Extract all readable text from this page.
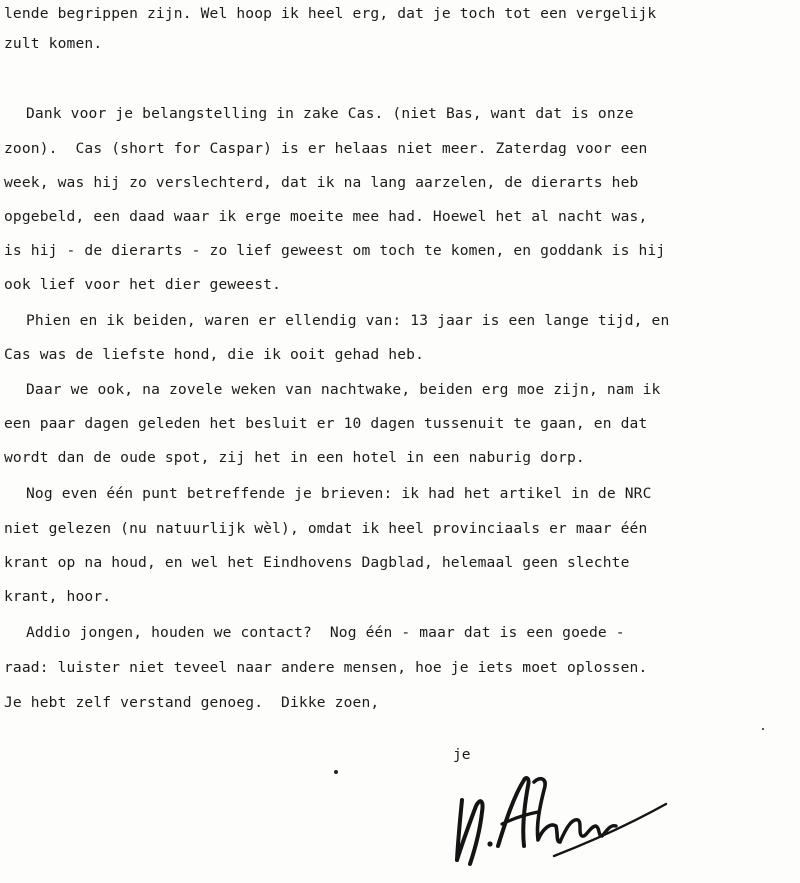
lende begrippen zijn. Wel hoop ik heel erg, dat je toch tot een vergelijk
zult komen.
Dank voor je belangstelling in zake Cas. (niet Bas, want dat is onze
zoon).  Cas (short for Caspar) is er helaas niet meer. Zaterdag voor een
week, was hij zo verslechterd, dat ik na lang aarzelen, de dierarts heb
opgebeld, een daad waar ik erge moeite mee had. Hoewel het al nacht was,
is hij - de dierarts - zo lief geweest om toch te komen, en goddank is hij
ook lief voor het dier geweest.
Phien en ik beiden, waren er ellendig van: 13 jaar is een lange tijd, en
Cas was de liefste hond, die ik ooit gehad heb.
Daar we ook, na zovele weken van nachtwake, beiden erg moe zijn, nam ik
een paar dagen geleden het besluit er 10 dagen tussenuit te gaan, en dat
wordt dan de oude spot, zij het in een hotel in een naburig dorp.
Nog even één punt betreffende je brieven: ik had het artikel in de NRC
niet gelezen (nu natuurlijk wèl), omdat ik heel provinciaals er maar één
krant op na houd, en wel het Eindhovens Dagblad, helemaal geen slechte
krant, hoor.
Addio jongen, houden we contact?  Nog één - maar dat is een goede -
raad: luister niet teveel naar andere mensen, hoe je iets moet oplossen.
Je hebt zelf verstand genoeg.  Dikke zoen,
je
